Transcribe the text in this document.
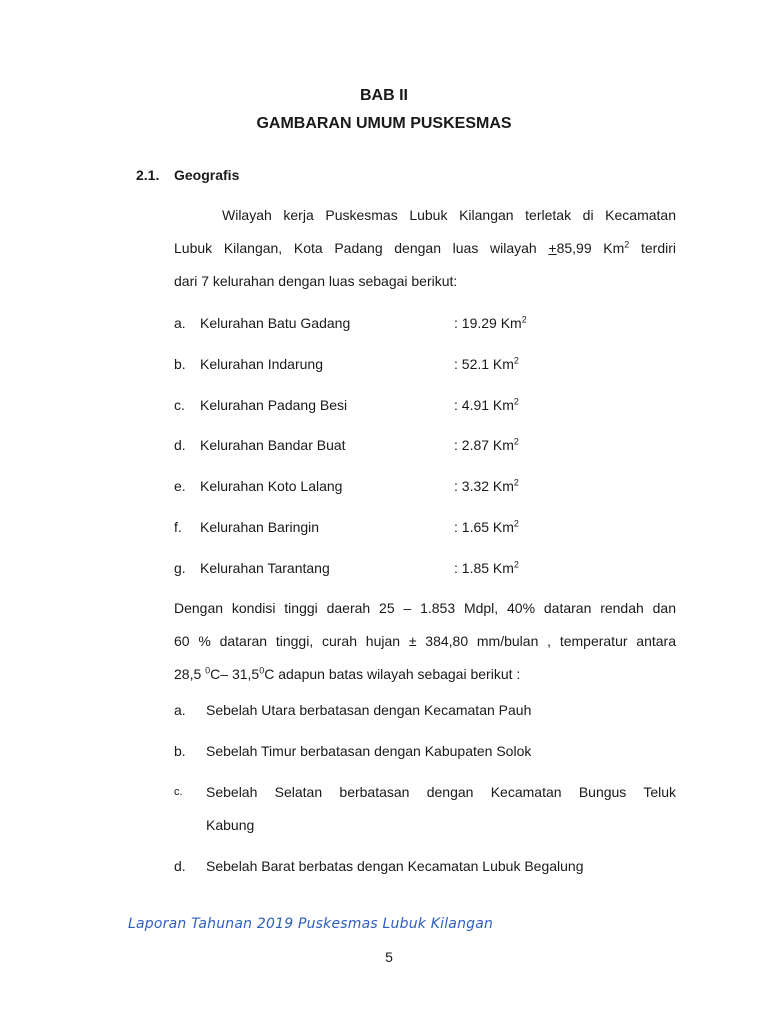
BAB II
GAMBARAN UMUM PUSKESMAS
2.1. Geografis
Wilayah kerja Puskesmas Lubuk Kilangan terletak di Kecamatan
Lubuk Kilangan, Kota Padang dengan luas wilayah +85,99 Km$^2$ terdiri
dari 7 kelurahan dengan luas sebagai berikut:
a. Kelurahan Batu Gadang	: 19.29 Km$^2$
b. Kelurahan Indarung	: 52.1 Km$^2$
c. Kelurahan Padang Besi	: 4.91 Km$^2$
d. Kelurahan Bandar Buat	: 2.87 Km$^2$
e. Kelurahan Koto Lalang	: 3.32 Km$^2$
f. Kelurahan Baringin	: 1.65 Km$^2$
g. Kelurahan Tarantang	: 1.85 Km$^2$
Dengan kondisi tinggi daerah 25 – 1.853 Mdpl, 40% dataran rendah dan
60 % dataran tinggi, curah hujan ± 384,80 mm/bulan , temperatur antara
28,5 $^0$C– 31,5$^0$C adapun batas wilayah sebagai berikut :
a. Sebelah Utara berbatasan dengan Kecamatan Pauh
b. Sebelah Timur berbatasan dengan Kabupaten Solok
c. Sebelah Selatan berbatasan dengan Kecamatan Bungus Teluk
Kabung
d. Sebelah Barat berbatas dengan Kecamatan Lubuk Begalung
Laporan Tahunan 2019 Puskesmas Lubuk Kilangan
5
